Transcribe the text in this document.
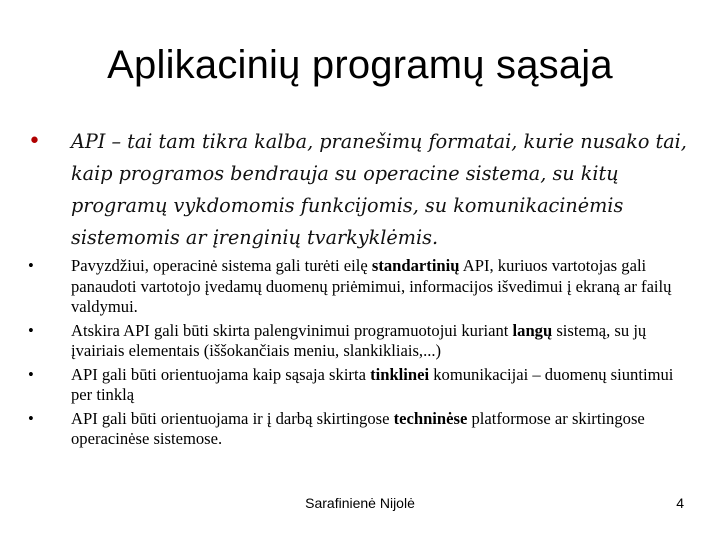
Aplikacinių programų sąsaja
• API – tai tam tikra kalba, pranešimų formatai, kurie nusako tai, kaip programos bendrauja su operacine sistema, su kitų programų vykdomomis funkcijomis, su komunikacinėmis sistemomis ar įrenginių tvarkyklėmis.
• Pavyzdžiui, operacinė sistema gali turėti eilę standartinių API, kuriuos vartotojas gali panaudoti vartotojo įvedamų duomenų priėmimui, informacijos išvedimui į ekraną ar failų valdymui.
• Atskira API gali būti skirta palengvinimui programuotojui kuriant langų sistemą, su jų įvairiais elementais (iššokančiais meniu, slankikliais,...)
• API gali būti orientuojama kaip sąsaja skirta tinklinei komunikacijai – duomenų siuntimui per tinklą
• API gali būti orientuojama ir į darbą skirtingose techninėse platformose ar skirtingose operacinėse sistemose.
Sarafinienė Nijolė	4
